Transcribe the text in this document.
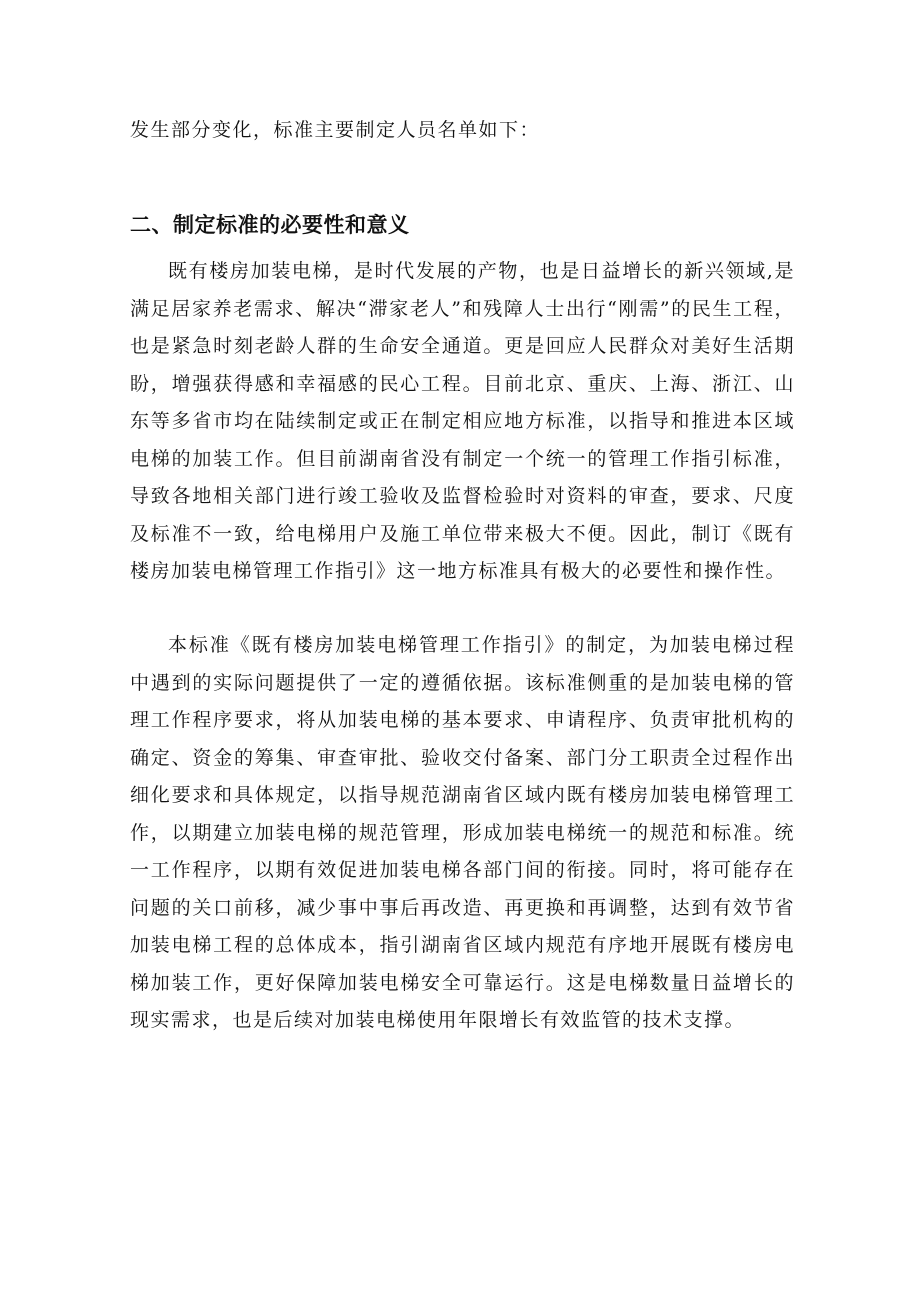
发生部分变化，标准主要制定人员名单如下：
二、制定标准的必要性和意义
既有楼房加装电梯，是时代发展的产物，也是日益增长的新兴领域,是满足居家养老需求、解决“滞家老人”和残障人士出行“刚需”的民生工程，也是紧急时刻老龄人群的生命安全通道。更是回应人民群众对美好生活期盼，增强获得感和幸福感的民心工程。目前北京、重庆、上海、浙江、山东等多省市均在陆续制定或正在制定相应地方标准，以指导和推进本区域电梯的加装工作。但目前湖南省没有制定一个统一的管理工作指引标准，导致各地相关部门进行竣工验收及监督检验时对资料的审查，要求、尺度及标准不一致，给电梯用户及施工单位带来极大不便。因此，制订《既有楼房加装电梯管理工作指引》这一地方标准具有极大的必要性和操作性。
本标准《既有楼房加装电梯管理工作指引》的制定，为加装电梯过程中遇到的实际问题提供了一定的遵循依据。该标准侧重的是加装电梯的管理工作程序要求，将从加装电梯的基本要求、申请程序、负责审批机构的确定、资金的筹集、审查审批、验收交付备案、部门分工职责全过程作出细化要求和具体规定，以指导规范湖南省区域内既有楼房加装电梯管理工作，以期建立加装电梯的规范管理，形成加装电梯统一的规范和标准。统一工作程序，以期有效促进加装电梯各部门间的衔接。同时，将可能存在问题的关口前移，减少事中事后再改造、再更换和再调整，达到有效节省加装电梯工程的总体成本，指引湖南省区域内规范有序地开展既有楼房电梯加装工作，更好保障加装电梯安全可靠运行。这是电梯数量日益增长的现实需求，也是后续对加装电梯使用年限增长有效监管的技术支撑。
